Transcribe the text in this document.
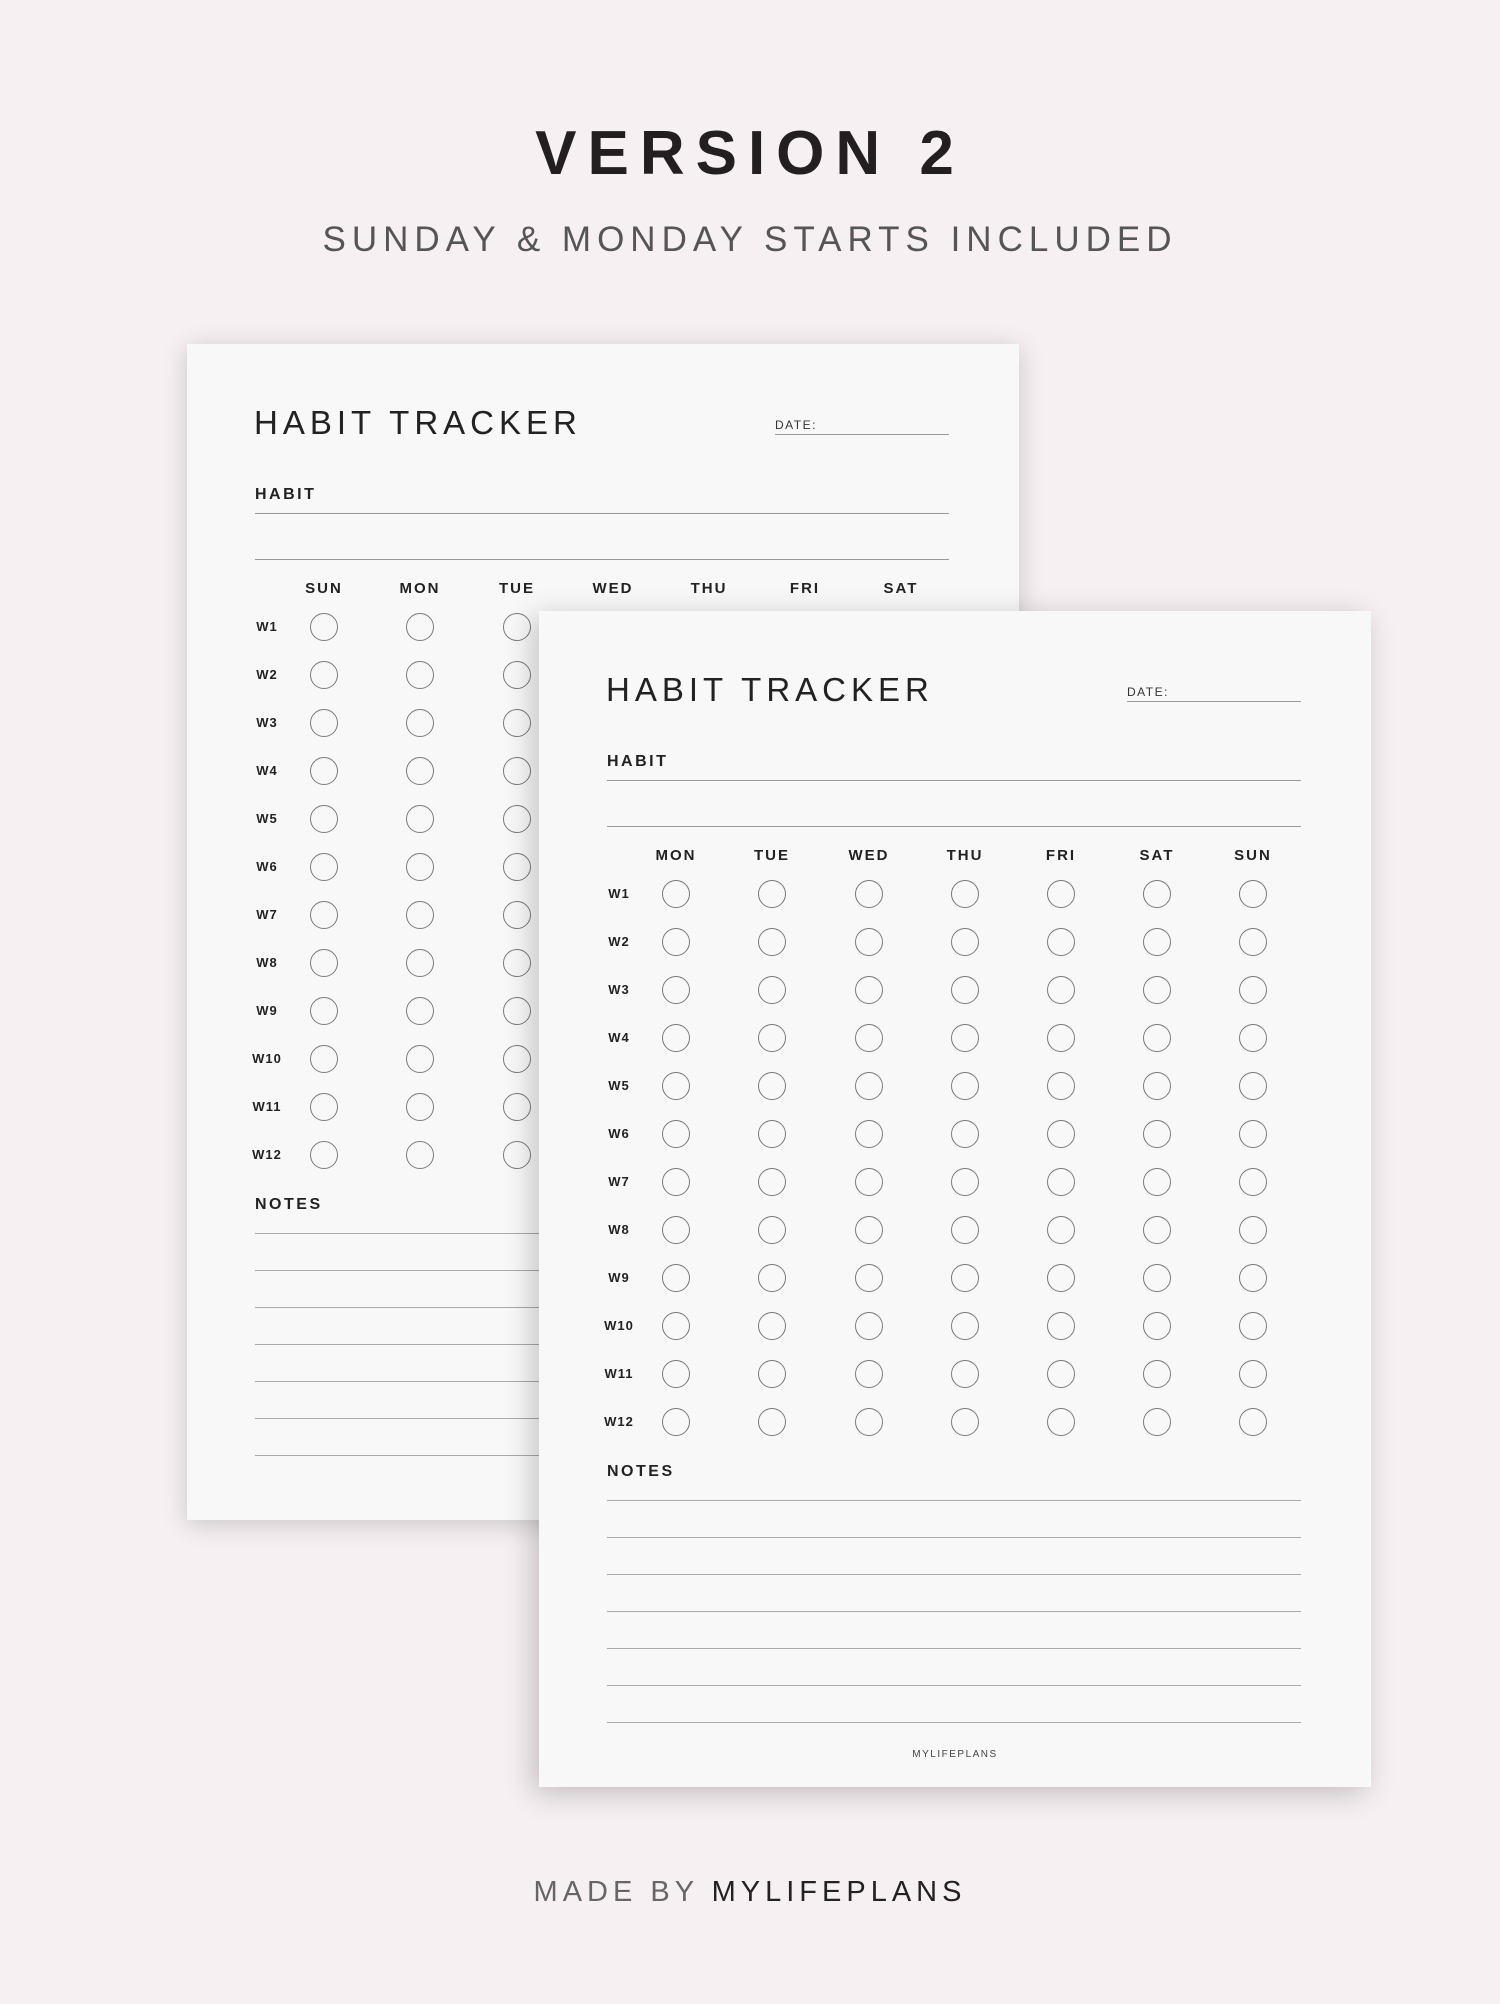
VERSION 2
SUNDAY & MONDAY STARTS INCLUDED
HABIT TRACKER	DATE:
HABIT
SUN	MON	TUE	WED	THU	FRI	SAT
W1
W2
W3
W4
W5
W6
W7
W8
W9
W10
W11
W12
NOTES
HABIT TRACKER	DATE:
HABIT
MON	TUE	WED	THU	FRI	SAT	SUN
W1
W2
W3
W4
W5
W6
W7
W8
W9
W10
W11
W12
NOTES
MYLIFEPLANS
MADE BY MYLIFEPLANS
